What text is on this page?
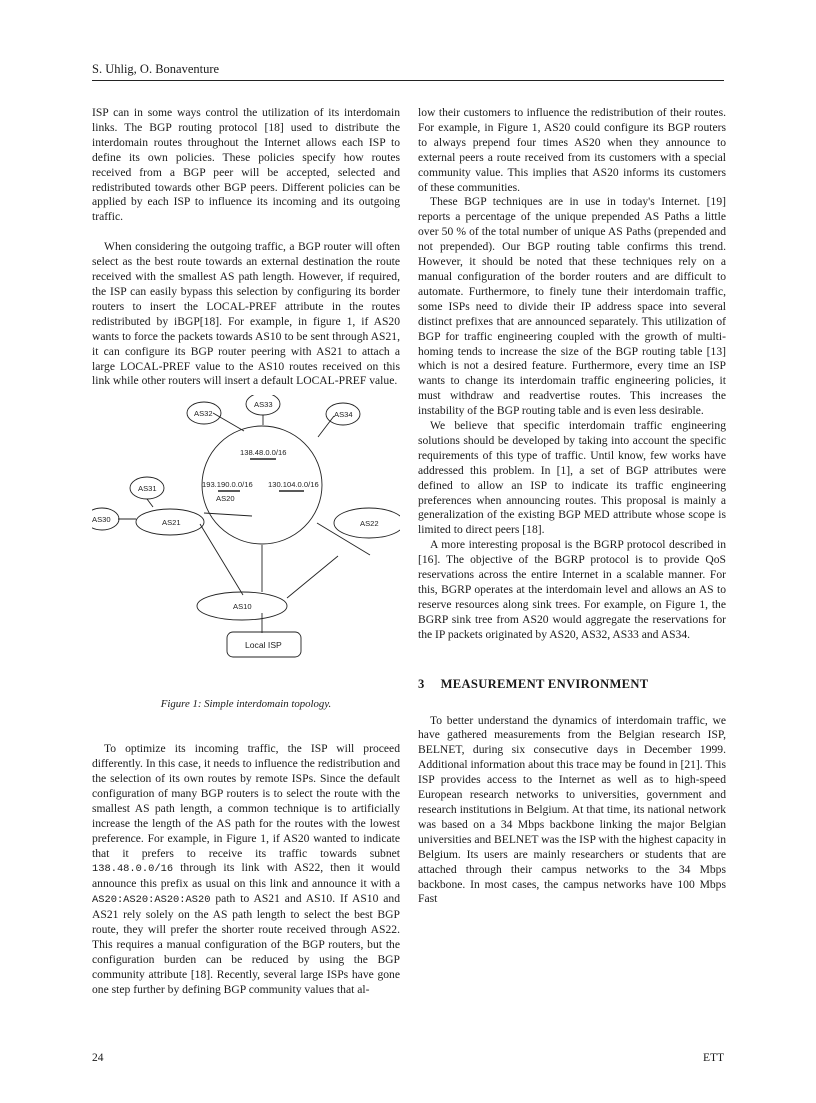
S. Uhlig, O. Bonaventure

ISP can in some ways control the utilization of its interdomain links. The BGP routing protocol [18] used to distribute the interdomain routes throughout the Internet allows each ISP to define its own policies. These policies specify how routes received from a BGP peer will be accepted, selected and redistributed towards other BGP peers. Different policies can be applied by each ISP to influence its incoming and its outgoing traffic.

When considering the outgoing traffic, a BGP router will often select as the best route towards an external destination the route received with the smallest AS path length. However, if required, the ISP can easily bypass this selection by configuring its border routers to insert the LOCAL-PREF attribute in the routes redistributed by iBGP[18]. For example, in figure 1, if AS20 wants to force the packets towards AS10 to be sent through AS21, it can configure its BGP router peering with AS21 to attach a large LOCAL-PREF value to the AS10 routes received on this link while other routers will insert a default LOCAL-PREF value.

AS32
AS33
AS34
AS31
AS30	AS21	AS22
AS20
AS10
138.48.0.0/16
193.190.0.0/16 130.104.0.0/16
Local ISP
Figure 1: Simple interdomain topology.

To optimize its incoming traffic, the ISP will proceed differently. In this case, it needs to influence the redistribution and the selection of its own routes by remote ISPs. Since the default configuration of many BGP routers is to select the route with the smallest AS path length, a common technique is to artificially increase the length of the AS path for the routes with the lowest preference. For example, in Figure 1, if AS20 wanted to indicate that it prefers to receive its traffic towards subnet 138.48.0.0/16 through its link with AS22, then it would announce this prefix as usual on this link and announce it with a AS20:AS20:AS20:AS20 path to AS21 and AS10. If AS10 and AS21 rely solely on the AS path length to select the best BGP route, they will prefer the shorter route received through AS22. This requires a manual configuration of the BGP routers, but the configuration burden can be reduced by using the BGP community attribute [18]. Recently, several large ISPs have gone one step further by defining BGP community values that al-

low their customers to influence the redistribution of their routes. For example, in Figure 1, AS20 could configure its BGP routers to always prepend four times AS20 when they announce to external peers a route received from its customers with a special community value. This implies that AS20 informs its customers of these communities.

These BGP techniques are in use in today's Internet. [19] reports a percentage of the unique prepended AS Paths a little over 50 % of the total number of unique AS Paths (prepended and not prepended). Our BGP routing table confirms this trend. However, it should be noted that these techniques rely on a manual configuration of the border routers and are difficult to automate. Furthermore, to finely tune their interdomain traffic, some ISPs need to divide their IP address space into several distinct prefixes that are announced separately. This utilization of BGP for traffic engineering coupled with the growth of multi-homing tends to increase the size of the BGP routing table [13] which is not a desired feature. Furthermore, every time an ISP wants to change its interdomain traffic engineering policies, it must withdraw and readvertise routes. This increases the instability of the BGP routing table and is even less desirable.

We believe that specific interdomain traffic engineering solutions should be developed by taking into account the specific requirements of this type of traffic. Until know, few works have addressed this problem. In [1], a set of BGP attributes were defined to allow an ISP to indicate its traffic engineering preferences when announcing routes. This proposal is mainly a generalization of the existing BGP MED attribute whose scope is limited to direct peers [18].

A more interesting proposal is the BGRP protocol described in [16]. The objective of the BGRP protocol is to provide QoS reservations across the entire Internet in a scalable manner. For this, BGRP operates at the interdomain level and allows an AS to reserve resources along sink trees. For example, on Figure 1, the BGRP sink tree from AS20 would aggregate the reservations for the IP packets originated by AS20, AS32, AS33 and AS34.

3 MEASUREMENT ENVIRONMENT

To better understand the dynamics of interdomain traffic, we have gathered measurements from the Belgian research ISP, BELNET, during six consecutive days in December 1999. Additional information about this trace may be found in [21]. This ISP provides access to the Internet as well as to high-speed European research networks to universities, government and research institutions in Belgium. At that time, its national network was based on a 34 Mbps backbone linking the major Belgian universities and BELNET was the ISP with the highest capacity in Belgium. Its users are mainly researchers or students that are attached through their campus networks to the 34 Mbps backbone. In most cases, the campus networks have 100 Mbps Fast

24	ETT
